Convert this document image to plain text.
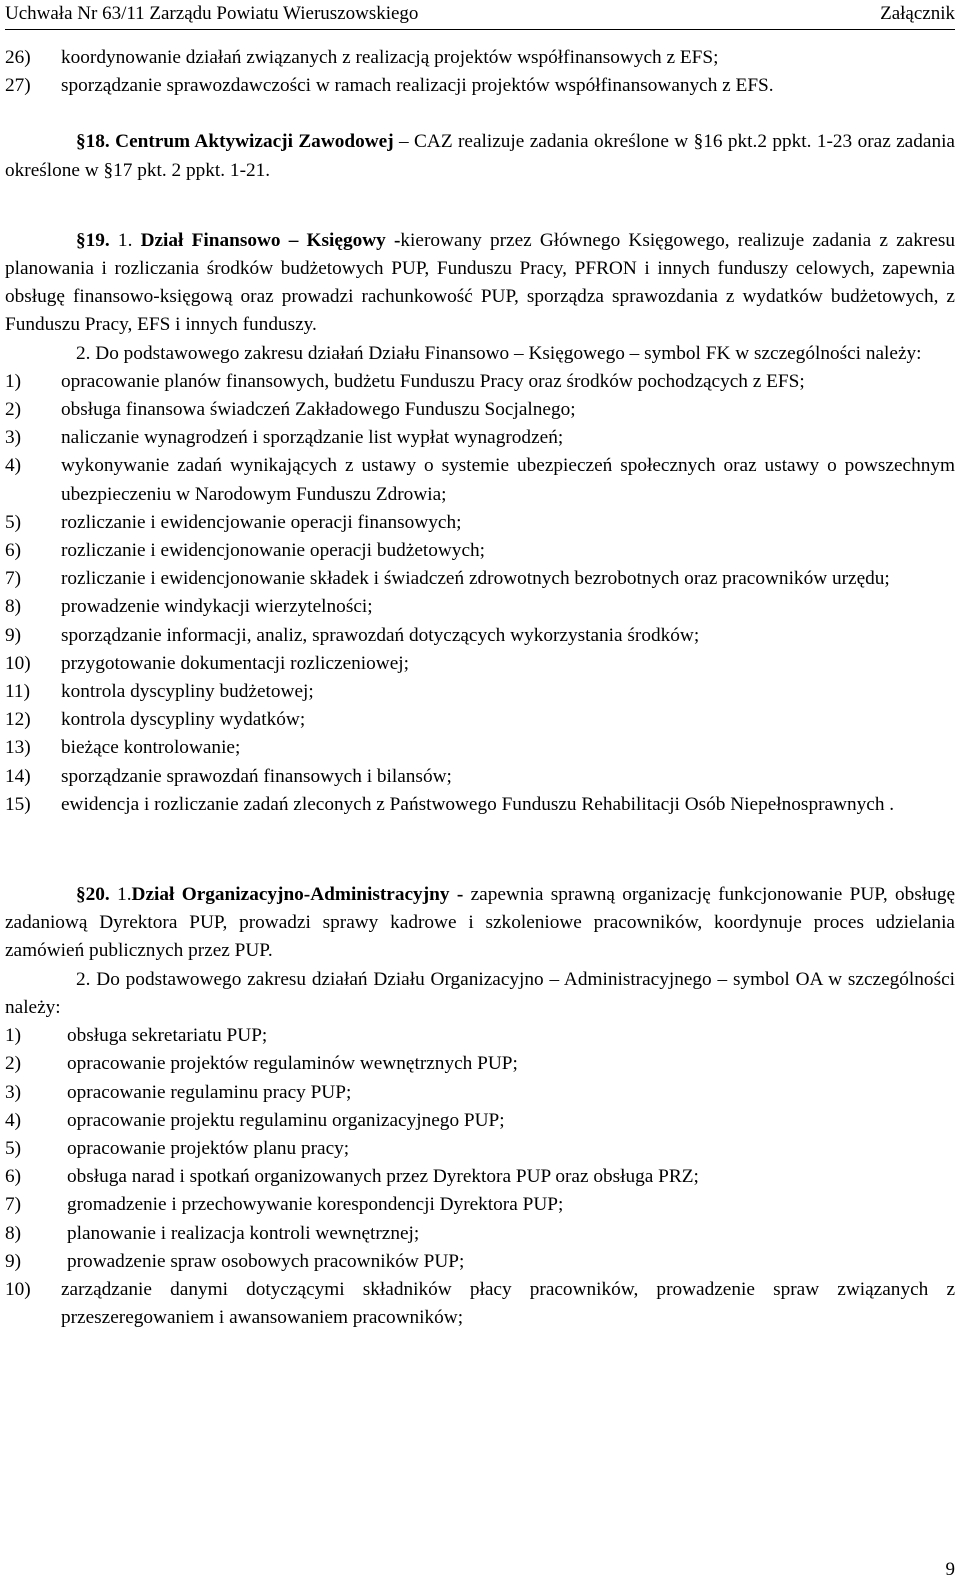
Uchwała Nr 63/11 Zarządu Powiatu Wieruszowskiego	Załącznik
26) koordynowanie działań związanych z realizacją projektów współfinansowych z EFS;
27) sporządzanie sprawozdawczości w ramach realizacji projektów współfinansowanych z EFS.
§18. Centrum Aktywizacji Zawodowej – CAZ realizuje zadania określone w §16 pkt.2 ppkt. 1-23 oraz zadania określone w §17 pkt. 2 ppkt. 1-21.
§19. 1. Dział Finansowo – Księgowy -kierowany przez Głównego Księgowego, realizuje zadania z zakresu planowania i rozliczania środków budżetowych PUP, Funduszu Pracy, PFRON i innych funduszy celowych, zapewnia obsługę finansowo-księgową oraz prowadzi rachunkowość PUP, sporządza sprawozdania z wydatków budżetowych, z Funduszu Pracy, EFS i innych funduszy.
2. Do podstawowego zakresu działań Działu Finansowo – Księgowego – symbol FK w szczególności należy:
1) opracowanie planów finansowych, budżetu Funduszu Pracy oraz środków pochodzących z EFS;
2) obsługa finansowa świadczeń Zakładowego Funduszu Socjalnego;
3) naliczanie wynagrodzeń i sporządzanie list wypłat wynagrodzeń;
4) wykonywanie zadań wynikających z ustawy o systemie ubezpieczeń społecznych oraz ustawy o powszechnym ubezpieczeniu w Narodowym Funduszu Zdrowia;
5) rozliczanie i ewidencjowanie operacji finansowych;
6) rozliczanie i ewidencjonowanie operacji budżetowych;
7) rozliczanie i ewidencjonowanie składek i świadczeń zdrowotnych bezrobotnych oraz pracowników urzędu;
8) prowadzenie windykacji wierzytelności;
9) sporządzanie informacji, analiz, sprawozdań dotyczących wykorzystania środków;
10) przygotowanie dokumentacji rozliczeniowej;
11) kontrola dyscypliny budżetowej;
12) kontrola dyscypliny wydatków;
13) bieżące kontrolowanie;
14) sporządzanie sprawozdań finansowych i bilansów;
15) ewidencja i rozliczanie zadań zleconych z Państwowego Funduszu Rehabilitacji Osób Niepełnosprawnych .
§20. 1.Dział Organizacyjno-Administracyjny - zapewnia sprawną organizację funkcjonowanie PUP, obsługę zadaniową Dyrektora PUP, prowadzi sprawy kadrowe i szkoleniowe pracowników, koordynuje proces udzielania zamówień publicznych przez PUP.
2. Do podstawowego zakresu działań Działu Organizacyjno – Administracyjnego – symbol OA w szczególności należy:
1) obsługa sekretariatu PUP;
2) opracowanie projektów regulaminów wewnętrznych PUP;
3) opracowanie regulaminu pracy PUP;
4) opracowanie projektu regulaminu organizacyjnego PUP;
5) opracowanie projektów planu pracy;
6) obsługa narad i spotkań organizowanych przez Dyrektora PUP oraz obsługa PRZ;
7) gromadzenie i przechowywanie korespondencji Dyrektora PUP;
8) planowanie i realizacja kontroli wewnętrznej;
9) prowadzenie spraw osobowych pracowników PUP;
10) zarządzanie danymi dotyczącymi składników płacy pracowników, prowadzenie spraw związanych z przeszeregowaniem i awansowaniem pracowników;
9
